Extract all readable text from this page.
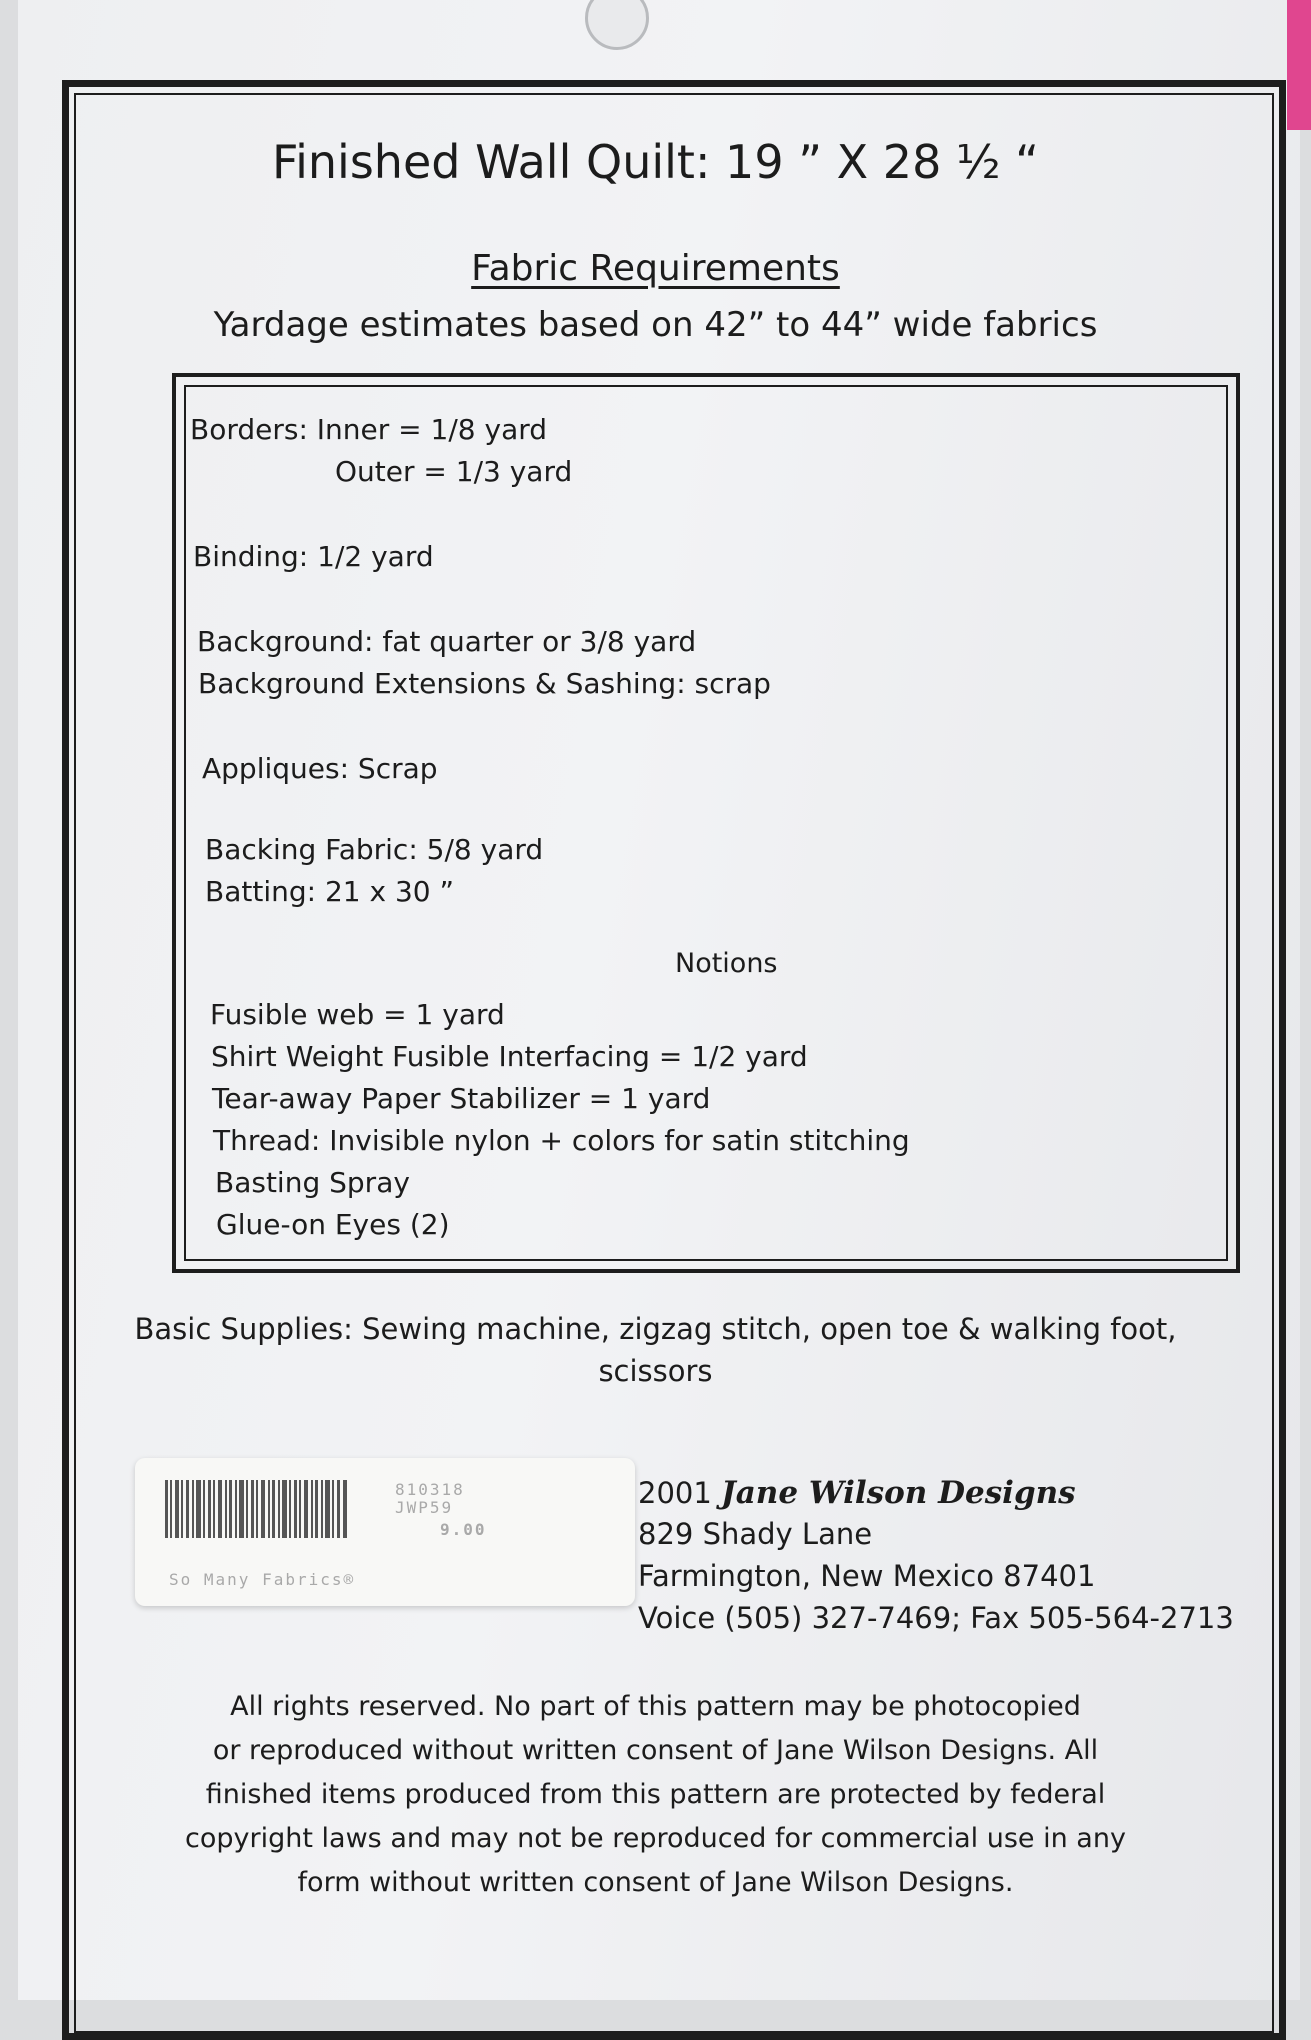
Finished Wall Quilt: 19 ” X 28 ½ “
Fabric Requirements
Yardage estimates based on 42” to 44” wide fabrics
Borders: Inner = 1/8 yard
Outer = 1/3 yard
Binding: 1/2 yard
Background: fat quarter or 3/8 yard
Background Extensions & Sashing: scrap
Appliques: Scrap
Backing Fabric: 5/8 yard
Batting: 21 x 30 ”
Notions
Fusible web = 1 yard
Shirt Weight Fusible Interfacing = 1/2 yard
Tear-away Paper Stabilizer = 1 yard
Thread: Invisible nylon + colors for satin stitching
Basting Spray
Glue-on Eyes (2)
Basic Supplies: Sewing machine, zigzag stitch, open toe & walking foot,
scissors
810318
JWP59
9.00
So Many Fabrics®
2001 Jane Wilson Designs
829 Shady Lane
Farmington, New Mexico 87401
Voice (505) 327-7469; Fax 505-564-2713
All rights reserved. No part of this pattern may be photocopied
or reproduced without written consent of Jane Wilson Designs. All
finished items produced from this pattern are protected by federal
copyright laws and may not be reproduced for commercial use in any
form without written consent of Jane Wilson Designs.
